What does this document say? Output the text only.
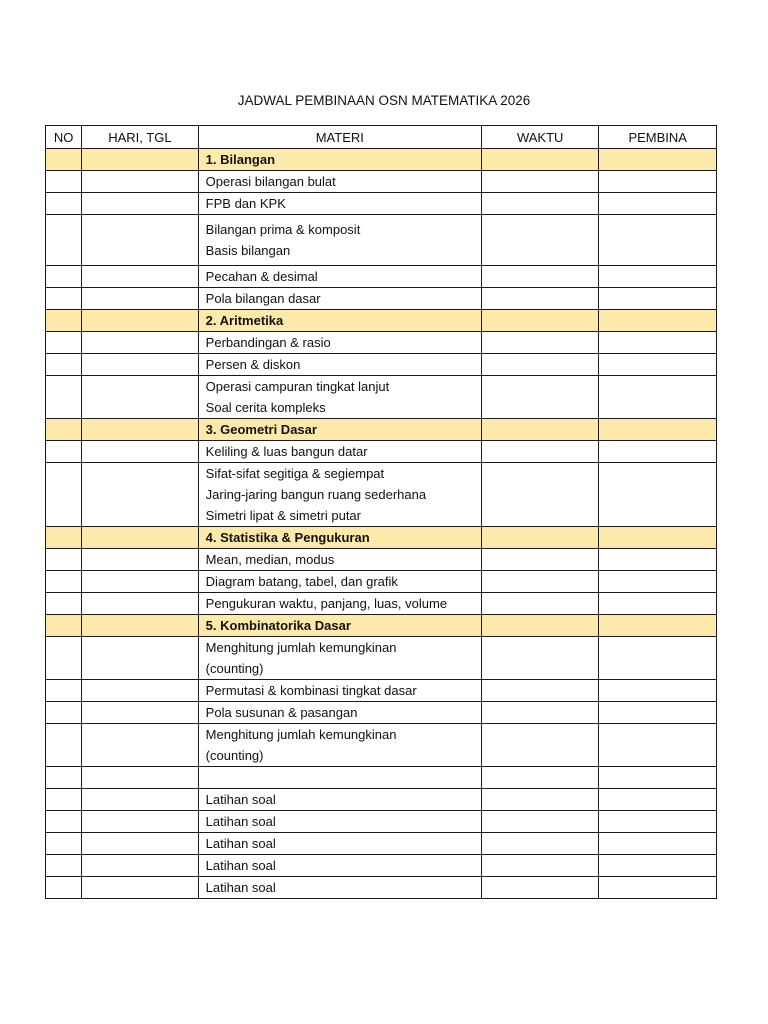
JADWAL PEMBINAAN OSN MATEMATIKA 2026
NO	HARI, TGL	MATERI	WAKTU	PEMBINA

		1. Bilangan		

		Operasi bilangan bulat		

		FPB dan KPK		

		Bilangan prima & komposit
Basis bilangan		

		Pecahan & desimal		

		Pola bilangan dasar		

		2. Aritmetika		

		Perbandingan & rasio		

		Persen & diskon		

		Operasi campuran tingkat lanjut
Soal cerita kompleks		

		3. Geometri Dasar		

		Keliling & luas bangun datar		

		Sifat-sifat segitiga & segiempat
Jaring-jaring bangun ruang sederhana
Simetri lipat & simetri putar		

		4. Statistika & Pengukuran		

		Mean, median, modus		

		Diagram batang, tabel, dan grafik		

		Pengukuran waktu, panjang, luas, volume		

		5. Kombinatorika Dasar		

		Menghitung jumlah kemungkinan
(counting)		

		Permutasi & kombinasi tingkat dasar		

		Pola susunan & pasangan		

		Menghitung jumlah kemungkinan
(counting)		

		Latihan soal		

		Latihan soal		

		Latihan soal		

		Latihan soal		

		Latihan soal		
